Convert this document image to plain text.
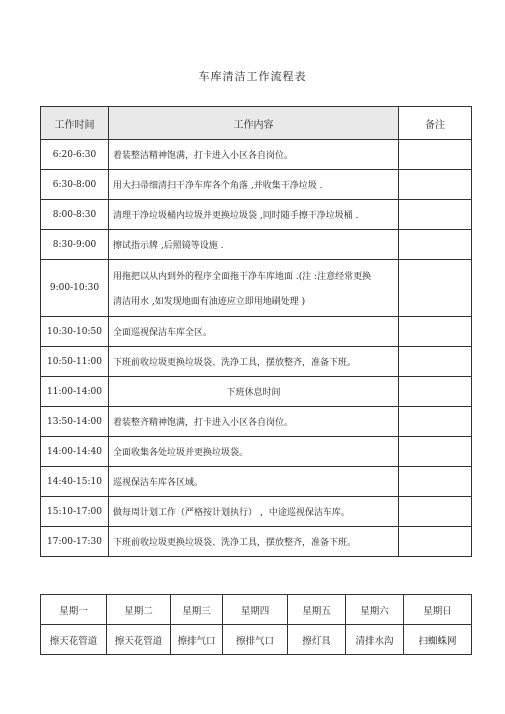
车库清洁工作流程表
工作时间	工作内容	备注
6:20-6:30	着装整洁精神饱满，打卡进入小区各自岗位。	
6:30-8:00	用大扫帚细清扫干净车库各个角落 ,并收集干净垃圾 .	
8:00-8:30	清理干净垃圾桶内垃圾并更换垃圾袋 ,同时随手擦干净垃圾桶 .	
8:30-9:00	擦试指示牌 ,后照镜等设施 .	
9:00-10:30	用拖把以从内到外的程序全面拖干净车库地面 .(注 :注意经常更换
清洁用水 ,如发现地面有油迹应立即用地刷处理 )	

10:30-10:50	全面巡视保洁车库全区。	
10:50-11:00	下班前收垃圾更换垃圾袋、洗净工具，摆放整齐，准备下班。	
11:00-14:00	下班休息时间	
13:50-14:00	着装整齐精神饱满，打卡进入小区各自岗位。	
14:00-14:40	全面收集各处垃圾并更换垃圾袋。	
14:40-15:10	巡视保洁车库各区域。	
15:10-17:00	做每周计划工作（严格按计划执行） ，中途巡视保洁车库。	
17:00-17:30	下班前收垃圾更换垃圾袋、洗净工具，摆放整齐，准备下班。	
星期一	星期二	星期三	星期四	星期五	星期六	星期日
擦天花管道	擦天花管道	擦排气口	擦排气口	擦灯具	清排水沟	扫蜘蛛网
